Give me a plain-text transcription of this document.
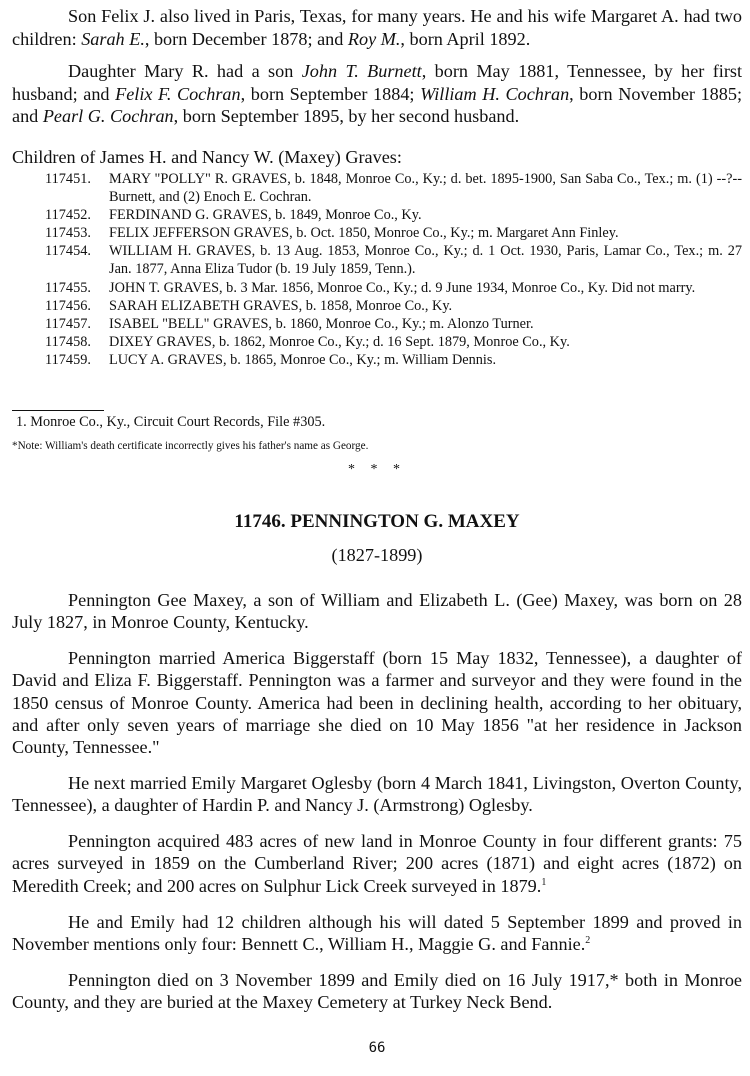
Son Felix J. also lived in Paris, Texas, for many years. He and his wife Margaret A. had two children: Sarah E., born December 1878; and Roy M., born April 1892.

Daughter Mary R. had a son John T. Burnett, born May 1881, Tennessee, by her first husband; and Felix F. Cochran, born September 1884; William H. Cochran, born November 1885; and Pearl G. Cochran, born September 1895, by her second husband.

Children of James H. and Nancy W. (Maxey) Graves:

117451.	MARY "POLLY" R. GRAVES, b. 1848, Monroe Co., Ky.; d. bet. 1895-1900, San Saba Co., Tex.; m. (1) --?-- Burnett, and (2) Enoch E. Cochran.
117452.	FERDINAND G. GRAVES, b. 1849, Monroe Co., Ky.
117453.	FELIX JEFFERSON GRAVES, b. Oct. 1850, Monroe Co., Ky.; m. Margaret Ann Finley.
117454.	WILLIAM H. GRAVES, b. 13 Aug. 1853, Monroe Co., Ky.; d. 1 Oct. 1930, Paris, Lamar Co., Tex.; m. 27 Jan. 1877, Anna Eliza Tudor (b. 19 July 1859, Tenn.).
117455.	JOHN T. GRAVES, b. 3 Mar. 1856, Monroe Co., Ky.; d. 9 June 1934, Monroe Co., Ky. Did not marry.
117456.	SARAH ELIZABETH GRAVES, b. 1858, Monroe Co., Ky.
117457.	ISABEL "BELL" GRAVES, b. 1860, Monroe Co., Ky.; m. Alonzo Turner.
117458.	DIXEY GRAVES, b. 1862, Monroe Co., Ky.; d. 16 Sept. 1879, Monroe Co., Ky.
117459.	LUCY A. GRAVES, b. 1865, Monroe Co., Ky.; m. William Dennis.

1. Monroe Co., Ky., Circuit Court Records, File #305.

*Note: William's death certificate incorrectly gives his father's name as George.

* * *

11746. PENNINGTON G. MAXEY

(1827-1899)

Pennington Gee Maxey, a son of William and Elizabeth L. (Gee) Maxey, was born on 28 July 1827, in Monroe County, Kentucky.

Pennington married America Biggerstaff (born 15 May 1832, Tennessee), a daughter of David and Eliza F. Biggerstaff. Pennington was a farmer and surveyor and they were found in the 1850 census of Monroe County. America had been in declining health, according to her obituary, and after only seven years of marriage she died on 10 May 1856 "at her residence in Jackson County, Tennessee."

He next married Emily Margaret Oglesby (born 4 March 1841, Livingston, Overton County, Tennessee), a daughter of Hardin P. and Nancy J. (Armstrong) Oglesby.

Pennington acquired 483 acres of new land in Monroe County in four different grants: 75 acres surveyed in 1859 on the Cumberland River; 200 acres (1871) and eight acres (1872) on Meredith Creek; and 200 acres on Sulphur Lick Creek surveyed in 1879.$^1$

He and Emily had 12 children although his will dated 5 September 1899 and proved in November mentions only four: Bennett C., William H., Maggie G. and Fannie.$^2$

Pennington died on 3 November 1899 and Emily died on 16 July 1917,* both in Monroe County, and they are buried at the Maxey Cemetery at Turkey Neck Bend.

66
